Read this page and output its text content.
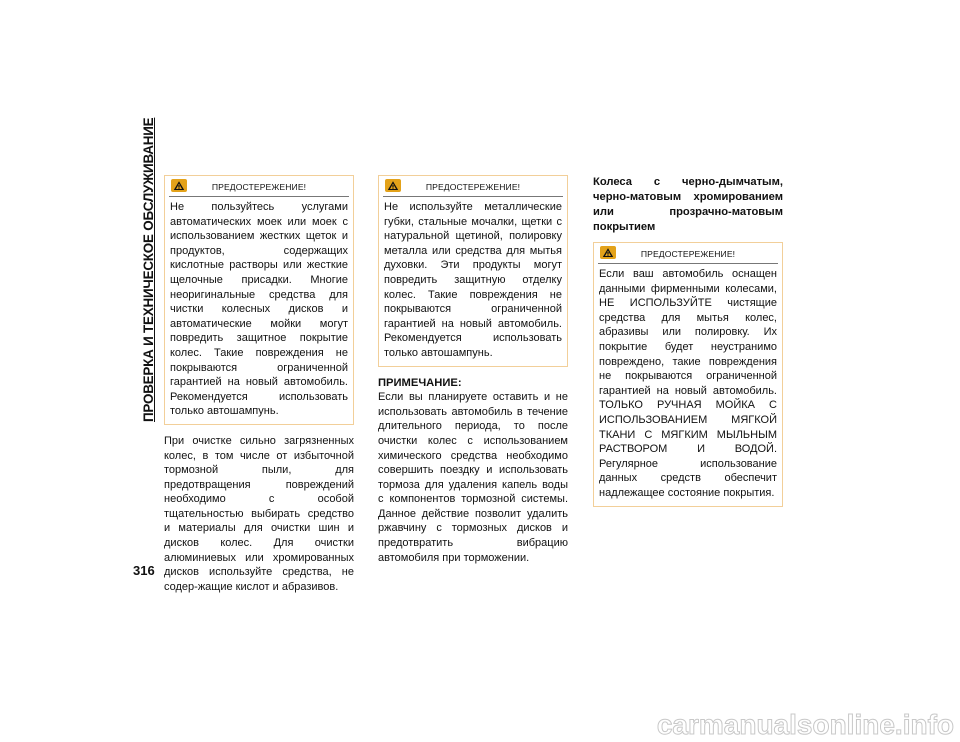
ПРОВЕРКА И ТЕХНИЧЕСКОЕ ОБСЛУЖИВАНИЕ
316
ПРЕДОСТЕРЕЖЕНИЕ!

Не пользуйтесь услугами автоматических моек или моек с использованием жестких щеток и продуктов, содержащих кислотные растворы или жесткие щелочные присадки. Многие неоригинальные средства для чистки колесных дисков и автоматические мойки могут повредить защитное покрытие колес. Такие повреждения не покрываются ограниченной гарантией на новый автомобиль. Рекомендуется использовать только автошампунь.

При очистке сильно загрязненных колес, в том числе от избыточной тормозной пыли, для предотвращения повреждений необходимо с особой тщательностью выбирать средство и материалы для очистки шин и дисков колес. Для очистки алюминиевых или хромированных дисков используйте средства, не содер-жащие кислот и абразивов.

ПРЕДОСТЕРЕЖЕНИЕ!

Не используйте металлические губки, стальные мочалки, щетки с натуральной щетиной, полировку металла или средства для мытья духовки. Эти продукты могут повредить защитную отделку колес. Такие повреждения не покрываются ограниченной гарантией на новый автомобиль. Рекомендуется использовать только автошампунь.

ПРИМЕЧАНИЕ:

Если вы планируете оставить и не использовать автомобиль в течение длительного периода, то после очистки колес с использованием химического средства необходимо совершить поездку и использовать тормоза для удаления капель воды с компонентов тормозной системы. Данное действие позволит удалить ржавчину с тормозных дисков и предотвратить вибрацию автомобиля при торможении.

Колеса с черно-дымчатым, черно-матовым хромированием или прозрачно-матовым покрытием

ПРЕДОСТЕРЕЖЕНИЕ!

Если ваш автомобиль оснащен данными фирменными колесами, НЕ ИСПОЛЬЗУЙТЕ чистящие средства для мытья колес, абразивы или полировку. Их покрытие будет неустранимо повреждено, такие повреждения не покрываются ограниченной гарантией на новый автомобиль. ТОЛЬКО РУЧНАЯ МОЙКА С ИСПОЛЬЗОВАНИЕМ МЯГКОЙ ТКАНИ С МЯГКИМ МЫЛЬНЫМ РАСТВОРОМ И ВОДОЙ. Регулярное использование данных средств обеспечит надлежащее состояние покрытия.

carmanualsonline.info
